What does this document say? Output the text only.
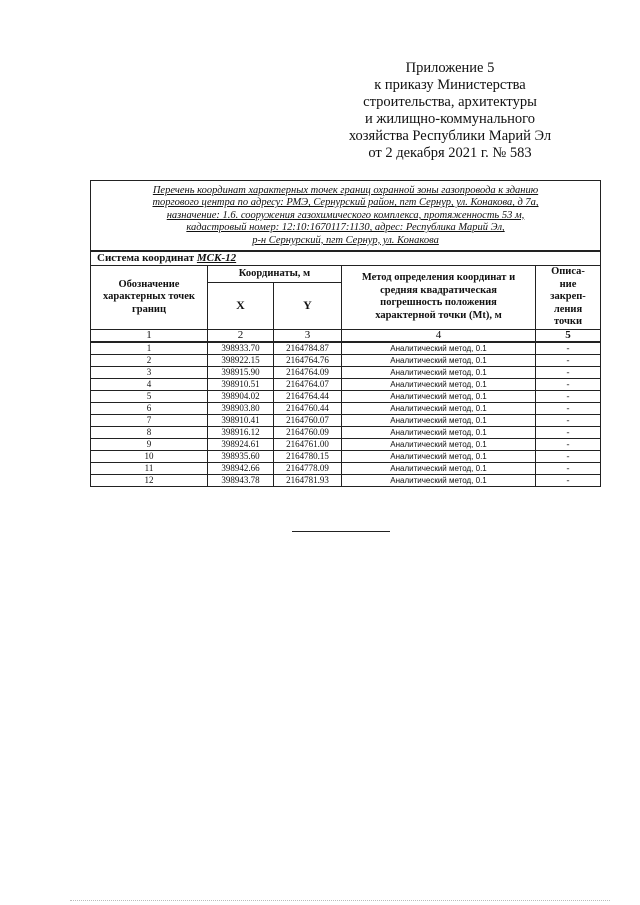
Приложение 5
к приказу Министерства
строительства, архитектуры
и жилищно-коммунального
хозяйства Республики Марий Эл
от 2 декабря 2021 г. № 583
Перечень координат характерных точек границ охранной зоны газопровода к зданию
торгового центра по адресу: РМЭ, Сернурский район, пгт Сернур, ул. Конакова, д 7а,
назначение: 1.6. сооружения газохимического комплекса, протяженность 53 м,
кадастровый номер: 12:10:1670117:1130, адрес: Республика Марий Эл,
р-н Сернурский, пгт Сернур, ул. Конакова				

Система координат МСК-12				
Обозначение
характерных точек
границ	Координаты, м		Метод определения координат и
средняя квадратическая
погрешность положения
характерной точки (Mt), м	Описа-
ние
закреп-
ления
точки
	X	Y		
1	2	3	4	5
1	398933.70	2164784.87	Аналитический метод, 0.1	-
2	398922.15	2164764.76	Аналитический метод, 0.1	-
3	398915.90	2164764.09	Аналитический метод, 0.1	-
4	398910.51	2164764.07	Аналитический метод, 0.1	-
5	398904.02	2164764.44	Аналитический метод, 0.1	-
6	398903.80	2164760.44	Аналитический метод, 0.1	-
7	398910.41	2164760.07	Аналитический метод, 0.1	-
8	398916.12	2164760.09	Аналитический метод, 0.1	-
9	398924.61	2164761.00	Аналитический метод, 0.1	-
10	398935.60	2164780.15	Аналитический метод, 0.1	-
11	398942.66	2164778.09	Аналитический метод, 0.1	-
12	398943.78	2164781.93	Аналитический метод, 0.1	-
